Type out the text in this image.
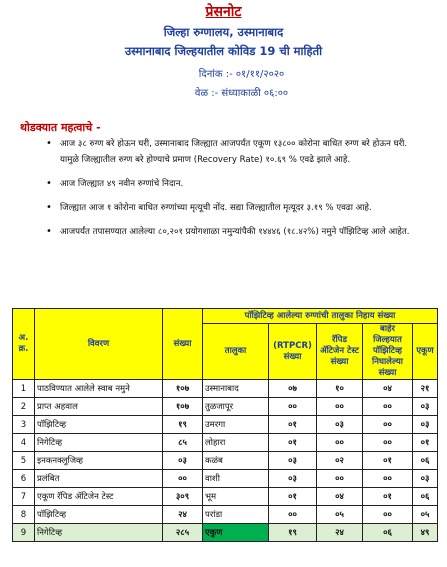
प्रेसनोट
जिल्हा रुग्णालय, उस्मानाबाद
उस्मानाबाद जिल्हयातील कोविड 19 ची माहिती
दिनांक :- ०१/११/२०२०
वेळ :- संध्याकाळी ०६:००
थोडक्यात महत्वाचे -
• आज ३८ रुग्ण बरे होऊन घरी, उस्मानाबाद जिल्ह्यात आजपर्यंत एकूण १३८०० कोरोना बाधित रुग्ण बरे होऊन घरी. यामुळे जिल्ह्यातील रुग्ण बरे होण्याचे प्रमाण (Recovery Rate) १०.६९ % एवढे झाले आहे.
• आज जिल्ह्यात ४९ नवीन रुग्णांचे निदान.
• जिल्ह्यात आज १ कोरोना बाधित रुग्णांच्या मृत्यूची नोंद. सद्या जिल्ह्यातील मृत्यूदर ३.१९ % एवढा आहे.
• आजपर्यंत तपासण्यात आलेल्या ८०,२०१ प्रयोगशाळा नमुन्यांपैकी १४४४६ (१८.४२%) नमुने पॉझिटिव्ह आले आहेत.
अ. क्र.	विवरण	संख्या	पॉझिटिव्ह आलेल्या रुग्णांची तालुका निहाय संख्या				
			तालुका	(RTPCR) संख्या	रॅपिड ॲटिजेन टेस्ट संख्या	बाहेर जिल्हयात पॉझिटिव्ह निघालेल्या संख्या	एकूण
1	पाठविण्यात आलेले स्वाब नमुने	१०७	उस्मानाबाद	०७	१०	०४	२१
2	प्राप्त अहवाल	१०७	तुळजापूर	००	००	००	०३
3	पॉझिटिव्ह	१९	उमरगा	०१	०३	००	०३
4	निगेटिव्ह	८५	लोहारा	०१	००	००	०१
5	इनकनक्लुजिव्ह	०३	कळंब	०३	०२	०१	०६
6	प्रलंबित	००	वाशी	०३	००	००	०३
7	एकूण रॅपिड ॲटिजेन टेस्ट	३०९	भूम	०१	०४	०१	०६
8	पॉझिटिव्ह	२४	परांडा	००	०५	००	०५
9	निगेटिव्ह	२८५	एकुण	१९	२४	०६	४९
